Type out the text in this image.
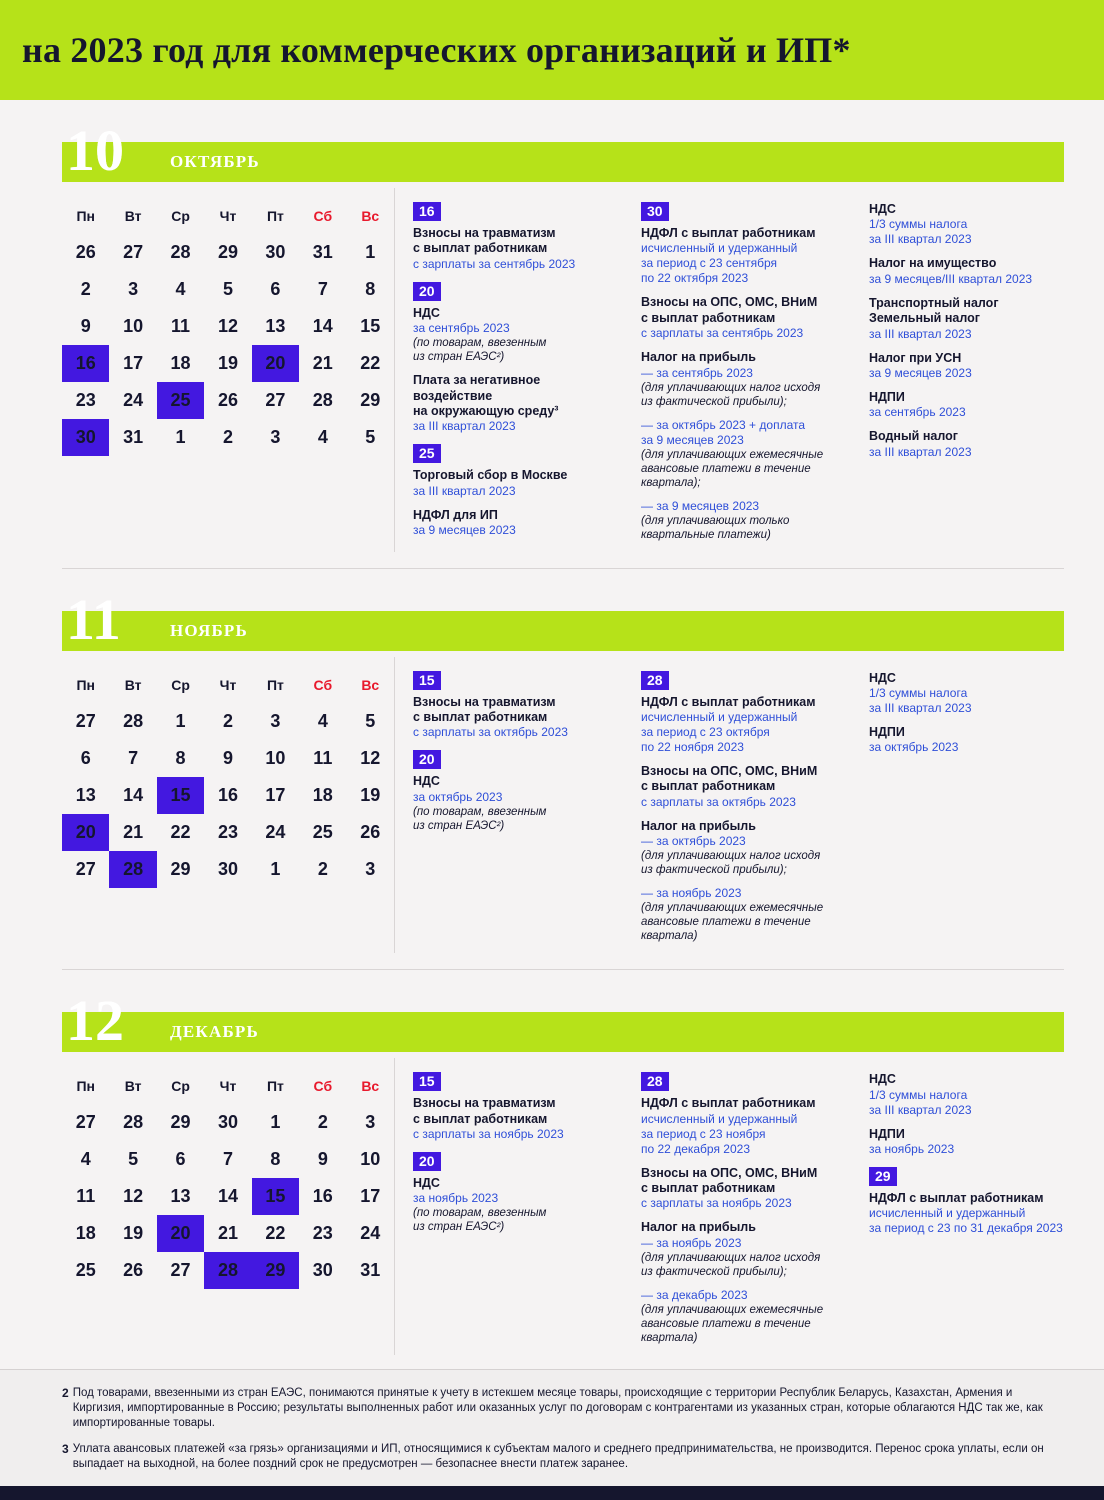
на 2023 год для коммерческих организаций и ИП*
10	ОКТЯБРЬ
Пн	Вт	Ср	Чт	Пт	Сб	Вс
26	27	28	29	30	31	1
2	3	4	5	6	7	8
9	10	11	12	13	14	15
16	17	18	19	20	21	22
23	24	25	26	27	28	29
30	31	1	2	3	4	5
16
Взносы на травматизм
с выплат работникам
с зарплаты за сентябрь 2023
20
НДС
за сентябрь 2023
(по товарам, ввезенным
из стран ЕАЭС²)
Плата за негативное воздействие
на окружающую среду³
за III квартал 2023
25
Торговый сбор в Москве
за III квартал 2023
НДФЛ для ИП
за 9 месяцев 2023
30
НДФЛ с выплат работникам
исчисленный и удержанный
за период с 23 сентября
по 22 октября 2023
Взносы на ОПС, ОМС, ВНиМ
с выплат работникам
с зарплаты за сентябрь 2023
Налог на прибыль
— за сентябрь 2023
(для уплачивающих налог исходя
из фактической прибыли);
— за октябрь 2023 + доплата
за 9 месяцев 2023
(для уплачивающих ежемесячные
авансовые платежи в течение
квартала);
— за 9 месяцев 2023
(для уплачивающих только
квартальные платежи)
НДС
1/3 суммы налога
за III квартал 2023
Налог на имущество
за 9 месяцев/III квартал 2023
Транспортный налог
Земельный налог
за III квартал 2023
Налог при УСН
за 9 месяцев 2023
НДПИ
за сентябрь 2023
Водный налог
за III квартал 2023
11	НОЯБРЬ
Пн	Вт	Ср	Чт	Пт	Сб	Вс
27	28	1	2	3	4	5
6	7	8	9	10	11	12
13	14	15	16	17	18	19
20	21	22	23	24	25	26
27	28	29	30	1	2	3
15
Взносы на травматизм
с выплат работникам
с зарплаты за октябрь 2023
20
НДС
за октябрь 2023
(по товарам, ввезенным
из стран ЕАЭС²)
28
НДФЛ с выплат работникам
исчисленный и удержанный
за период с 23 октября
по 22 ноября 2023
Взносы на ОПС, ОМС, ВНиМ
с выплат работникам
с зарплаты за октябрь 2023
Налог на прибыль
— за октябрь 2023
(для уплачивающих налог исходя
из фактической прибыли);
— за ноябрь 2023
(для уплачивающих ежемесячные
авансовые платежи в течение
квартала)
НДС
1/3 суммы налога
за III квартал 2023
НДПИ
за октябрь 2023
12	ДЕКАБРЬ
Пн	Вт	Ср	Чт	Пт	Сб	Вс
27	28	29	30	1	2	3
4	5	6	7	8	9	10
11	12	13	14	15	16	17
18	19	20	21	22	23	24
25	26	27	28	29	30	31
15
Взносы на травматизм
с выплат работникам
с зарплаты за ноябрь 2023
20
НДС
за ноябрь 2023
(по товарам, ввезенным
из стран ЕАЭС²)
28
НДФЛ с выплат работникам
исчисленный и удержанный
за период с 23 ноября
по 22 декабря 2023
Взносы на ОПС, ОМС, ВНиМ
с выплат работникам
с зарплаты за ноябрь 2023
Налог на прибыль
— за ноябрь 2023
(для уплачивающих налог исходя
из фактической прибыли);
— за декабрь 2023
(для уплачивающих ежемесячные
авансовые платежи в течение
квартала)
НДС
1/3 суммы налога
за III квартал 2023
НДПИ
за ноябрь 2023
29
НДФЛ с выплат работникам
исчисленный и удержанный
за период с 23 по 31 декабря 2023
2 Под товарами, ввезенными из стран ЕАЭС, понимаются принятые к учету в истекшем месяце товары, происходящие с территории Республик Беларусь, Казахстан, Армения и Киргизия, импортированные в Россию; результаты выполненных работ или оказанных услуг по договорам с контрагентами из указанных стран, которые облагаются НДС так же, как импортированные товары.
3 Уплата авансовых платежей «за грязь» организациями и ИП, относящимися к субъектам малого и среднего предпринимательства, не производится. Перенос срока уплаты, если он выпадает на выходной, на более поздний срок не предусмотрен — безопаснее внести платеж заранее.
